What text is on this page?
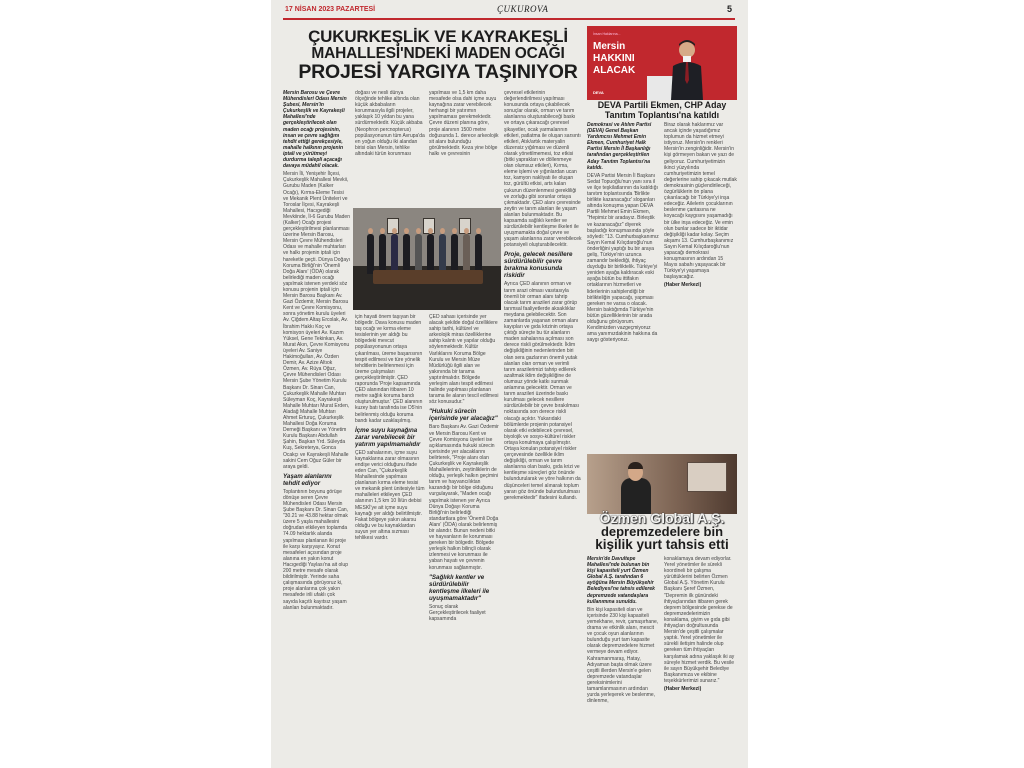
17 NİSAN 2023 PAZARTESİ	ÇUKUROVA	5
ÇUKURKEŞLİK VE KAYRAKEŞLİ
MAHALLESİ'NDEKİ MADEN OCAĞI
PROJESİ YARGIYA TAŞINIYOR

Mersin Barosu ve Çevre Mühendisleri Odası Mersin Şubesi, Mersin'in Çukurkeşlik ve Kayrakeşli Mahallesi'nde gerçekleştirilecek olan maden ocağı projesinin, insan ve çevre sağlığını tehdit ettiği gerekçesiyle, mahalle halkının projenin iptali ve yürütmeyi durdurma talepli açacağı davaya müdahil olacak.

Mersin İli, Yenişehir İlçesi, Çukurkeşlik Mahallesi Mevkii, Gurubu Maden (Kalker Ocağı), Kırma-Eleme Tesisi ve Mekanik Plent Üniteleri ve Toroslar İlçesi, Kayrakeşli Mahallesi, Hacıgediği Mevkiinde, İl-6 Gurubu Maden (Kalker) Ocağı projesi gerçekleştirilmesi planlanması üzerine Mersin Barosu, Mersin Çevre Mühendisleri Odası ve mahalle muhtarları ve halkı projenin iptali için hareketle geçti. Dünya Doğayı Koruma Birliği'nin 'Önemli Doğa Alanı' (ÖDA) olarak belirlediği maden ocağı yapılmak istenen yerdeki söz konusu projenin iptali için Mersin Barosu Başkanı Av. Gazi Özdemir, Mersin Barosu Kent ve Çevre Komisyonu, sonra yönetim kurulu üyeleri Av. Çiğdem Altaş Ercolak, Av. İbrahim Hakkı Koç ve komisyon üyeleri Av. Kazım Yüksel, Gene Tekinkan, Av. Murat Akın, Çevre Komisyonu üyeleri Av. Saniye Hakimoğulları, Av. Özden Demir, Av. Azize Altıok Özmen, Av. Rüya Oğuz, Çevre Mühendisleri Odası Mersin Şube Yönetim Kurulu Başkanı Dr. Sinan Can, Çukurkeşlik Mahalle Muhtarı Süleyman Koç, Kayrakeşli Mahalle Muhtarı Murat Erden, Aladağ Mahalle Muhtarı Ahmet Erturuç, Çukurkeşlik Mahallesi Doğa Koruma Derneği Başkanı ve Yönetim Kurulu Başkanı Abdullah Şahin, Başkan Yrd. Süleyda Kuş, Sekreterya, Gonca Ocakçı ve Kayrakeşli Mahalle sakini Cem Oğuz Güler bir araya geldi.

Yaşam alanlarını tehdit ediyor

Toplantının boyunu görüşe dönüşe seren Çevre Mühendisleri Odası Mersin Şube Başkanı Dr. Sinan Can, "30.21 ve 43.88 hektar olmak üzere 5 yaşla mahallesini doğrudan etkileyen toplamda 74.09 hektarlık alanda yapılması planlanan iki proje ile karşı karşıyayız. Konut mesafeleri açısından proje alanına en yakın konut Hacıgediği Yaylası'na ait olup 200 metre mesafe olarak bildirilmiştir. Yerinde saha çalışmasında görüyoruz ki, proje alanlarına çok yakın mesafede irili ufaklı çok sayıda kaçıtlı kayıtsız yaşam alanları bulunmaktadır.

doğası ve nesli dünya ölçeğinde tehlike altında olan küçük akbabaların korunmasıyla ilgili projeler, yaklaşık 10 yıldan bu yana sürdürmektedir. Küçük akbaba (Neophron percnopterus) popülasyonunun tüm Avrupa'da en yoğun olduğu iki alandan birisi olan Mersin, tehlike altındaki türün korunması

için hayati önem taşıyan bir bölgedir. Dava konusu maden taş ocağı ve kırma eleme tesislerinin yer aldığı bu bölgedeki mevcut popülasyonunun ortaya çıkarılması, üreme başarısının tespit edilmesi ve türe yönelik tehditlerin belirlenmesi için üreme çalışmaları gerçekleştirilmiştir. ÇED raporunda 'Proje kapsamında ÇED alanından itibaren 10 metre sağlık koruma bandı oluşturulmuştur.' ÇED alanının kuzey batı tarafında ise D5'nin belirlenmiş olduğu koruma bandı kadar uzaklaşılmış.

İçme suyu kaynağına zarar verebilecek bir yatırım yapılmamalıdır

ÇED sahalarının, içme suyu kaynaklarına zarar olmasının endişe verici olduğunu ifade eden Can, "Çukurkeşlik Mahallesinde yapılması planlanan kırma eleme tesisi ve mekanik plent ünitesiyle tüm mahalleleri etkileyen ÇED alanının 1,5 km 10 İl/ün debisi MESKİ'ye ait içme suyu kaynağı yer aldığı belirtilmiştir. Fakat bölgeye yakın akarsu olduğu ve bu kaynaklardan suyun yer altına sızması tehlikesi vardır.

yapılması ve 1,5 km daha mesafede olsa dahi içme suyu kaynağına zarar verebilecek herhangi bir yatırımın yapılmaması gerekmektedir. Çevre düzeni planına göre, proje alanının 1500 metre doğusunda 1. derece arkeolojik sit alanı bulunduğu görülmektedir. Keza yine bölge halkı ve çevresinin

ÇED sahası içerisinde yer alacak şekilde doğal özelliklere sahip tarihi, kültürel ve arkeolojik miras özelliklerine sahip kalıntı ve yapılar olduğu söylenmektedir. Kültür Varlıklarını Koruma Bölge Kurulu ve Mersin Müze Müdürlüğü ilgili alan ve yakınında bir tarama yaptırılmalıdır. Bölgede yerleşim alanı tespit edilmesi halinde yapılması planlanan tarama ile alanın tescil edilmesi söz konusudur."

"Hukuki sürecin içerisinde yer alacağız"

Baro Başkanı Av. Gazi Özdemir ve Mersin Barosu Kent ve Çevre Komisyonu üyeleri ise açıklamasında hukuki sürecin içerisinde yer alacaklarını belirterek, "Proje alanı olan Çukurkeşlik ve Kayrakeşlik Mahallelerinin, zeytinliklerin de olduğu, yerleşik halkın geçimini tarım ve hayvancılıktan kazandığı bir bölge olduğunu vurgulayarak, "Maden ocağı yapılmak istenen yer Ayrıca Dünya Doğayı Koruma Birliği'nin belirlediği standartlara göre 'Önemli Doğa Alanı' (ÖDA) olarak belirlenmiş bir alandır. Bunun nedeni bitki ve hayvanların ile korunması gereken bir bölgedir. Bölgede yerleşik halkın bilinçli olarak izlenmesi ve korunması ile yaban hayatı ve çevrenin korunması sağlanmıştır.

"Sağlıklı kentler ve sürdürülebilir kentleşme ilkeleri ile uyuşmamaktadır"

Sonuç olarak Gerçekleştirilecek faaliyet kapsamında

çevresel etkilerinin değerlendirilmesi yapılması konusunda ortaya çıkabilecek sonuçlar olarak, orman ve tarım alanlarına oluşturabileceği baskı ve ortaya çıkaracağı çevresel şikayetler, ocak yarmalarının etkileri, patlatma ile oluşan sarsıntı etkileri, Atık/artık materyalin düzensiz yığılması ve düzenli olarak yönetilmemesi, toz etkisi (bitki yaprakları ve döllenmeye olan olumsuz etkileri), Kırma, eleme işlemi ve yığınlardan ucan toz, kamyon nakliyatı ile oluşan toz, gürültü etkisi, arts kalan çukurun düzenlenmesi gerekliliği ve zorluğu gibi sorunlar ortaya çıkmaktadır. ÇED alanı çevresinde zeytin ve tarım alanları ile yaşam alanları bulunmaktadır. Bu kapsamda sağlıklı kentler ve sürdürülebilir kentleşme ilkeleri ile uyuşmamakta doğal çevre ve yaşam alanlarına zarar verebilecek potansiyeli oluşturabilecektir.

Proje, gelecek nesillere sürdürülebilir çevre bırakma konusunda riskidir

Ayrıca ÇED alanının orman ve tarım arazi olması vasıtasıyla önemli bir orman alanı tahrip olacak tarım arazileri zarar görüp tarımsal faaliyetlerde aksaklıklar meydana gelebilecektir. Son zamanlarda yaşanan orman alanı kayıpları ve gıda krizinin ortaya çıktığı süreçte bu tür alanların maden sahalarına açılması son derece riskli görülmektedir. İklim değişikliğinin nedenlerinden biri olan sera gazlarının önemli yutak alanları olan orman ve verimli tarım arazilerimizi tahrip edilerek azaltmak iklim değişikliğine de olumsuz yönde katkı sunmak anlamına gelecektir. Orman ve tarım arazileri üzerinde baskı kurulması gelecek nesillere sürdürülebilir bir çevre bırakılması noktasında son derece riskli olacağı açıktır. Yukarıdaki bölümlerde projenin potansiyel olarak etki edebilecek çevresel, biyolojik ve sosyo-kültürel riskler ortaya konulmaya çalışılmıştır. Ortaya konulan potansiyel riskler çerçevesinde özellikle iklim değişikliği, orman ve tarım alanlarına olan baskı, gıda krizi ve kentleşme süreçleri göz önünde bulundurularak ve yöre halkının da düşünceleri temel alınarak toplum yararı göz önünde bulundurulması gerekmektedir" ifadesini kullandı.

İnsan Haklarına...
Mersin
HAKKINI
ALACAK
DEVA
DEVA Partili Ekmen, CHP Aday
Tanıtım Toplantısı'na katıldı

Demokrasi ve Atılım Partisi (DEVA) Genel Başkan Yardımcısı Mehmet Emin Ekmen, Cumhuriyet Halk Partisi Mersin İl Başkanlığı tarafından gerçekleştirilen Aday Tanıtım Toplantısı'na katıldı.

DEVA Partisi Mersin İl Başkanı Sedat Topuoğlu'nun yanı sıra il ve ilçe teşkilatlarının da katıldığı tanıtım toplantısında 'Birlikte birlikte kazanacağız' sloganları altında konuşma yapan DEVA Partili Mehmet Emin Ekmen, "Hepimiz bir aradayız. Birleştik ve kazanacağız" diyerek başladığı konuşmasında şöyle söyledi: "13. Cumhurbaşkanımız Sayın Kemal Kılıçdaroğlu'nun önderliğini yaptığı bu bir araya geliş, Türkiye'nin uzunca zamandır beklediği, ihtiyaç duyduğu bir birliktelik. Türkiye'yi yeniden ayağa kaldıracak eski ayağa bütün bu ittifakın ortaklarının hizmetleri ve liderlerinin sahiplendiği bir birlikteliğin yapacağı, yapması gereken ne varsa o olacak. Mersin baktığımda Türkiye'nin bütün güzelliklerinin bir arada olduğunu görüyorum. Kendimizden vazgeçmiyoruz ama yanımızdakinin hakkına da saygı gösteriyoruz.

Biraz olarak haklarımız var ancak içinde yaşadığımız toplumun da hizmet etmeyi istiyoruz. Mersin'in renkleri Mersin'in zenginliğidir. Mersin'in kişi görmeyen bakan ve yazı de geliyoruz. Cumhuriyetimizin ikinci yüzyılında cumhuriyetimizin temel değerlerine sahip çıkacak mutlak demokrasinin güçlendirileceği, özgürlüklerin ön plana çıkarılacağı bir Türkiye'yi inşa edeceğiz. Ailelerin çocuklarının beslenme çantasına ne koyacağı kaygısını yaşamadığı bir ülke inşa edeceğiz. Ve emin olun bunlar sadece bir iktidar değişikliği kadar kolay. Seçim akşamı 13. Cumhurbaşkanımız Sayın Kemal Kılıçdaroğlu'nun yapacağı demokrasi konuşmasının ardından 15 Mayıs sabahı yaşayacak bir Türkiye'yi yaşamaya başlayacağız.

(Haber Merkezi)

Özmen Global A.Ş.
depremzedelere bin
kişilik yurt tahsis etti

Mersin'de Davultepe Mahallesi'nde bulunan bin kişi kapasiteli yurt Özmen Global A.Ş. tarafından 6 ayöğüna Mersin Büyükşehir Belediyesi'ne tahsis edilerek depremzede vatandaşlara kullanımına sunuldu.

Bin kişi kapasiteli olan ve içerisinde 230 kişi kapasiteli yemekhane, revir, çamaşırhane, drama ve etkinlik alanı, mescit ve çocuk oyun alanlarının bulunduğu yurt tam kapasite olarak depremzedelere hizmet vermeye devam ediyor. Kahramanmaraş, Hatay, Adıyaman başta olmak üzere çeşitli illerden Mersin'e gelen depremzede vatandaşlar gereksinimlerini tamamlanmasının ardından yurda yerleşerek ve beslenme, dinlenme,

konaklamaya devam ediyorlar. Yerel yönetimler ile sürekli koordineli bir çalışma yürüttüklerini belirten Özmen Global A.Ş. Yönetim Kurulu Başkanı Şeref Özmen, "Depremin ilk günündeki ihtiyaçlarından itibaren gerek deprem bölgesinde gerekse de depremzedelerimizin konaklama, giyim ve gıda gibi ihtiyaçları doğrultusunda Mersin'de çeşitli çalışmalar yaptık. Yerel yönetimler ile sürekli iletişim halinde olup gereken tüm ihtiyaçları karşılamak adına yaklaşık iki ay süreyle hizmet verdik. Bu vesile ile sayın Büyükşehir Belediye Başkanımıza ve ekibine teşekkürlerimizi sunarız."

(Haber Merkezi)
